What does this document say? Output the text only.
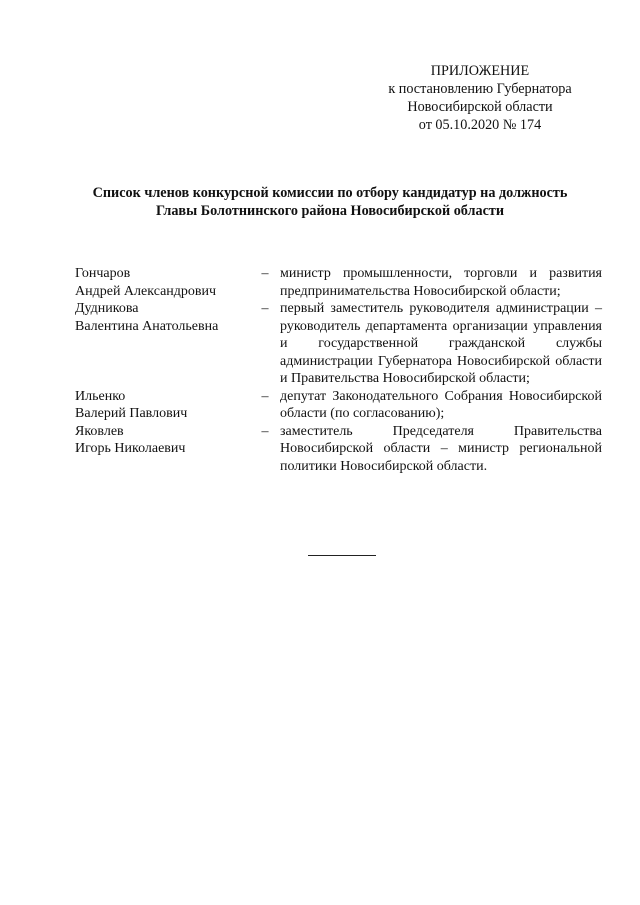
ПРИЛОЖЕНИЕ
к постановлению Губернатора
Новосибирской области
от 05.10.2020 № 174
Список членов конкурсной комиссии по отбору кандидатур на должность
Главы Болотнинского района Новосибирской области
Гончаров
Андрей Александрович
– министр промышленности, торговли и развития предпринимательства Новосибирской области;
Дудникова
Валентина Анатольевна
– первый заместитель руководителя администрации – руководитель департамента организации управления и государственной гражданской службы администрации Губернатора Новосибирской области и Правительства Новосибирской области;
Ильенко
Валерий Павлович
– депутат Законодательного Собрания Новосибирской области (по согласованию);
Яковлев
Игорь Николаевич
– заместитель Председателя Правительства Новосибирской области – министр региональной политики Новосибирской области.
